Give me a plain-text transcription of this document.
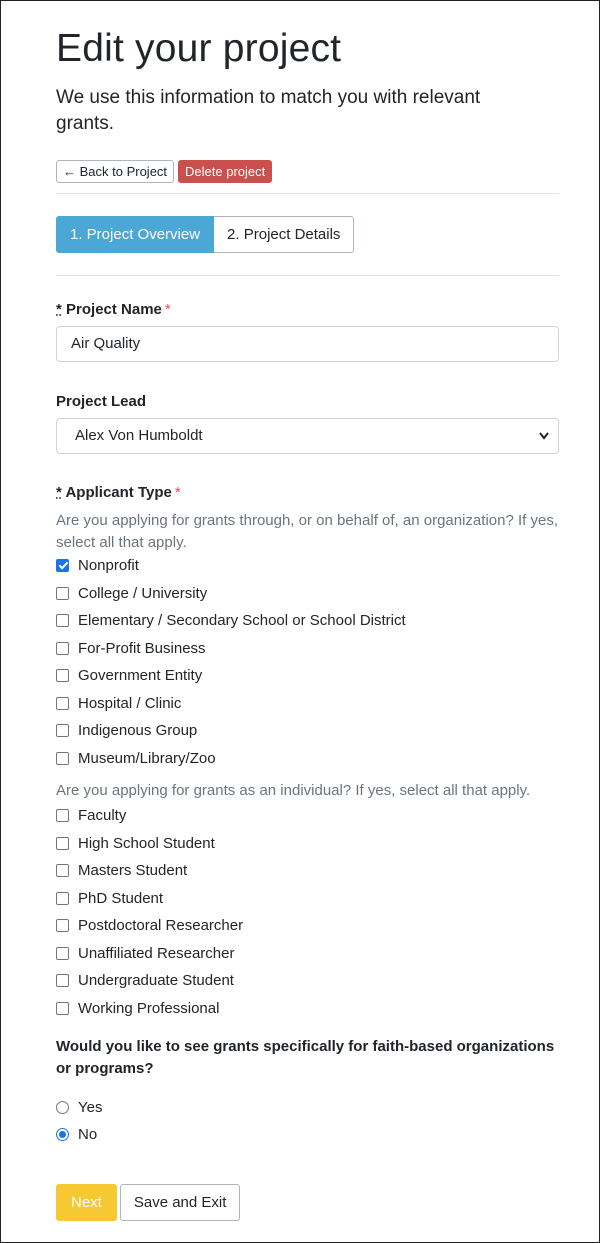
Edit your project
We use this information to match you with relevant grants.
← Back to Project	Delete project
1. Project Overview	2. Project Details
* Project Name *
Air Quality
Project Lead
Alex Von Humboldt
* Applicant Type *
Are you applying for grants through, or on behalf of, an organization? If yes, select all that apply.
Nonprofit
College / University
Elementary / Secondary School or School District
For-Profit Business
Government Entity
Hospital / Clinic
Indigenous Group
Museum/Library/Zoo
Are you applying for grants as an individual? If yes, select all that apply.
Faculty
High School Student
Masters Student
PhD Student
Postdoctoral Researcher
Unaffiliated Researcher
Undergraduate Student
Working Professional
Would you like to see grants specifically for faith-based organizations or programs?
Yes
No
Next	Save and Exit
